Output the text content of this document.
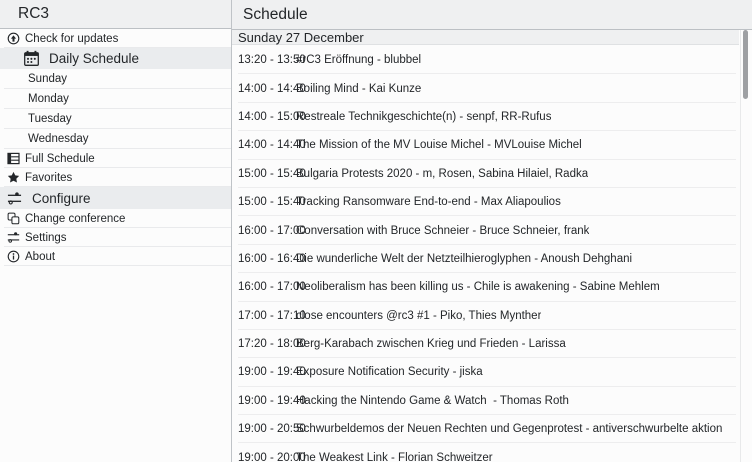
RC3
Check for updates
Daily Schedule
Sunday
Monday
Tuesday
Wednesday
Full Schedule
Favorites
Configure
Change conference
Settings
About
Schedule
Sunday 27 December
13:20 - 13:50
#rC3 Eröffnung - blubbel
14:00 - 14:40
Boiling Mind - Kai Kunze
14:00 - 15:00
Restreale Technikgeschichte(n) - senpf, RR-Rufus
14:00 - 14:40
The Mission of the MV Louise Michel - MVLouise Michel
15:00 - 15:40
Bulgaria Protests 2020 - m, Rosen, Sabina Hilaiel, Radka
15:00 - 15:40
Tracking Ransomware End-to-end - Max Aliapoulios
16:00 - 17:00
Conversation with Bruce Schneier - Bruce Schneier, frank
16:00 - 16:40
Die wunderliche Welt der Netzteilhieroglyphen - Anoush Dehghani
16:00 - 17:00
Neoliberalism has been killing us - Chile is awakening - Sabine Mehlem
17:00 - 17:10
close encounters @rc3 #1 - Piko, Thies Mynther
17:20 - 18:00
Berg-Karabach zwischen Krieg und Frieden - Larissa
19:00 - 19:40
Exposure Notification Security - jiska
19:00 - 19:40
Hacking the Nintendo Game & Watch  - Thomas Roth
19:00 - 20:50
Schwurbeldemos der Neuen Rechten und Gegenprotest - antiverschwurbelte aktion
19:00 - 20:00
The Weakest Link - Florian Schweitzer
